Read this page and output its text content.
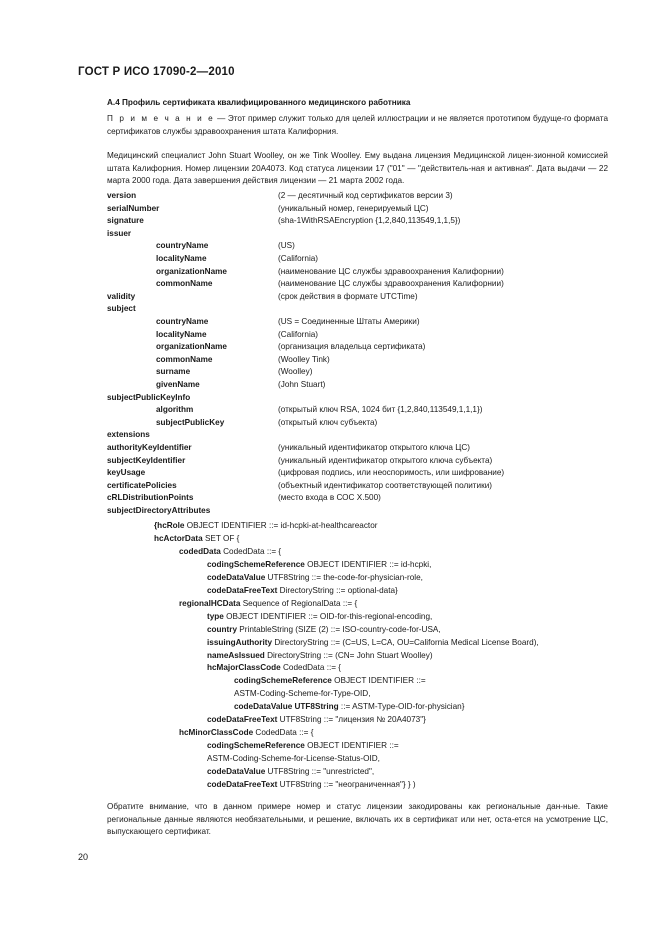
ГОСТ Р ИСО 17090-2—2010
А.4 Профиль сертификата квалифицированного медицинского работника
П р и м е ч а н и е — Этот пример служит только для целей иллюстрации и не является прототипом будуще-го формата сертификатов службы здравоохранения штата Калифорния.
Медицинский специалист John Stuart Woolley, он же Tink Woolley. Ему выдана лицензия Медицинской лицен-зионной комиссией штата Калифорния. Номер лицензии 20A4073. Код статуса лицензии 17 ("01" — "действитель-ная и активная". Дата выдачи — 22 марта 2000 года. Дата завершения действия лицензии — 21 марта 2002 года.
version	(2 — десятичный код сертификатов версии 3)
serialNumber	(уникальный номер, генерируемый ЦС)
signature	(sha-1WithRSAEncryption {1,2,840,113549,1,1,5})
issuer
countryName	(US)
localityName	(California)
organizationName	(наименование ЦС службы здравоохранения Калифорнии)
commonName	(наименование ЦС службы здравоохранения Калифорнии)
validity	(срок действия в формате UTCTime)
subject
countryName	(US = Соединенные Штаты Америки)
localityName	(California)
organizationName	(организация владельца сертификата)
commonName	(Woolley Tink)
surname	(Woolley)
givenName	(John Stuart)
subjectPublicKeyInfo
algorithm	(открытый ключ RSA, 1024 бит {1,2,840,113549,1,1,1})
subjectPublicKey	(открытый ключ субъекта)
extensions
authorityKeyIdentifier	(уникальный идентификатор открытого ключа ЦС)
subjectKeyIdentifier	(уникальный идентификатор открытого ключа субъекта)
keyUsage	(цифровая подпись, или неоспоримость, или шифрование)
certificatePolicies	(объектный идентификатор соответствующей политики)
cRLDistributionPoints	(место входа в СОС X.500)
subjectDirectoryAttributes
{hcRole OBJECT IDENTIFIER ::= id-hcpki-at-healthcareactor
hcActorData SET OF {
codedData CodedData ::= {
codingSchemeReference OBJECT IDENTIFIER ::= id-hcpki,
codeDataValue UTF8String ::= the-code-for-physician-role,
codeDataFreeText DirectoryString ::= optional-data}
regionalHCData Sequence of RegionalData ::= {
type OBJECT IDENTIFIER ::= OID-for-this-regional-encoding,
country PrintableString (SIZE (2) ::= ISO-country-code-for-USA,
issuingAuthority DirectoryString ::= (C=US, L=CA, OU=California Medical License Board),
nameAsIssued DirectoryString ::= (CN= John Stuart Woolley)
hcMajorClassCode CodedData ::= {
codingSchemeReference OBJECT IDENTIFIER ::=
ASTM-Coding-Scheme-for-Type-OID,
codeDataValue UTF8String ::= ASTM-Type-OID-for-physician}
codeDataFreeText UTF8String ::= "лицензия № 20A4073"}
hcMinorClassCode CodedData ::= {
codingSchemeReference OBJECT IDENTIFIER ::=
ASTM-Coding-Scheme-for-License-Status-OID,
codeDataValue UTF8String ::= "unrestricted",
codeDataFreeText UTF8String ::= "неограниченная"} } )
Обратите внимание, что в данном примере номер и статус лицензии закодированы как региональные дан-ные. Такие региональные данные являются необязательными, и решение, включать их в сертификат или нет, оста-ется на усмотрение ЦС, выпускающего сертификат.
20
